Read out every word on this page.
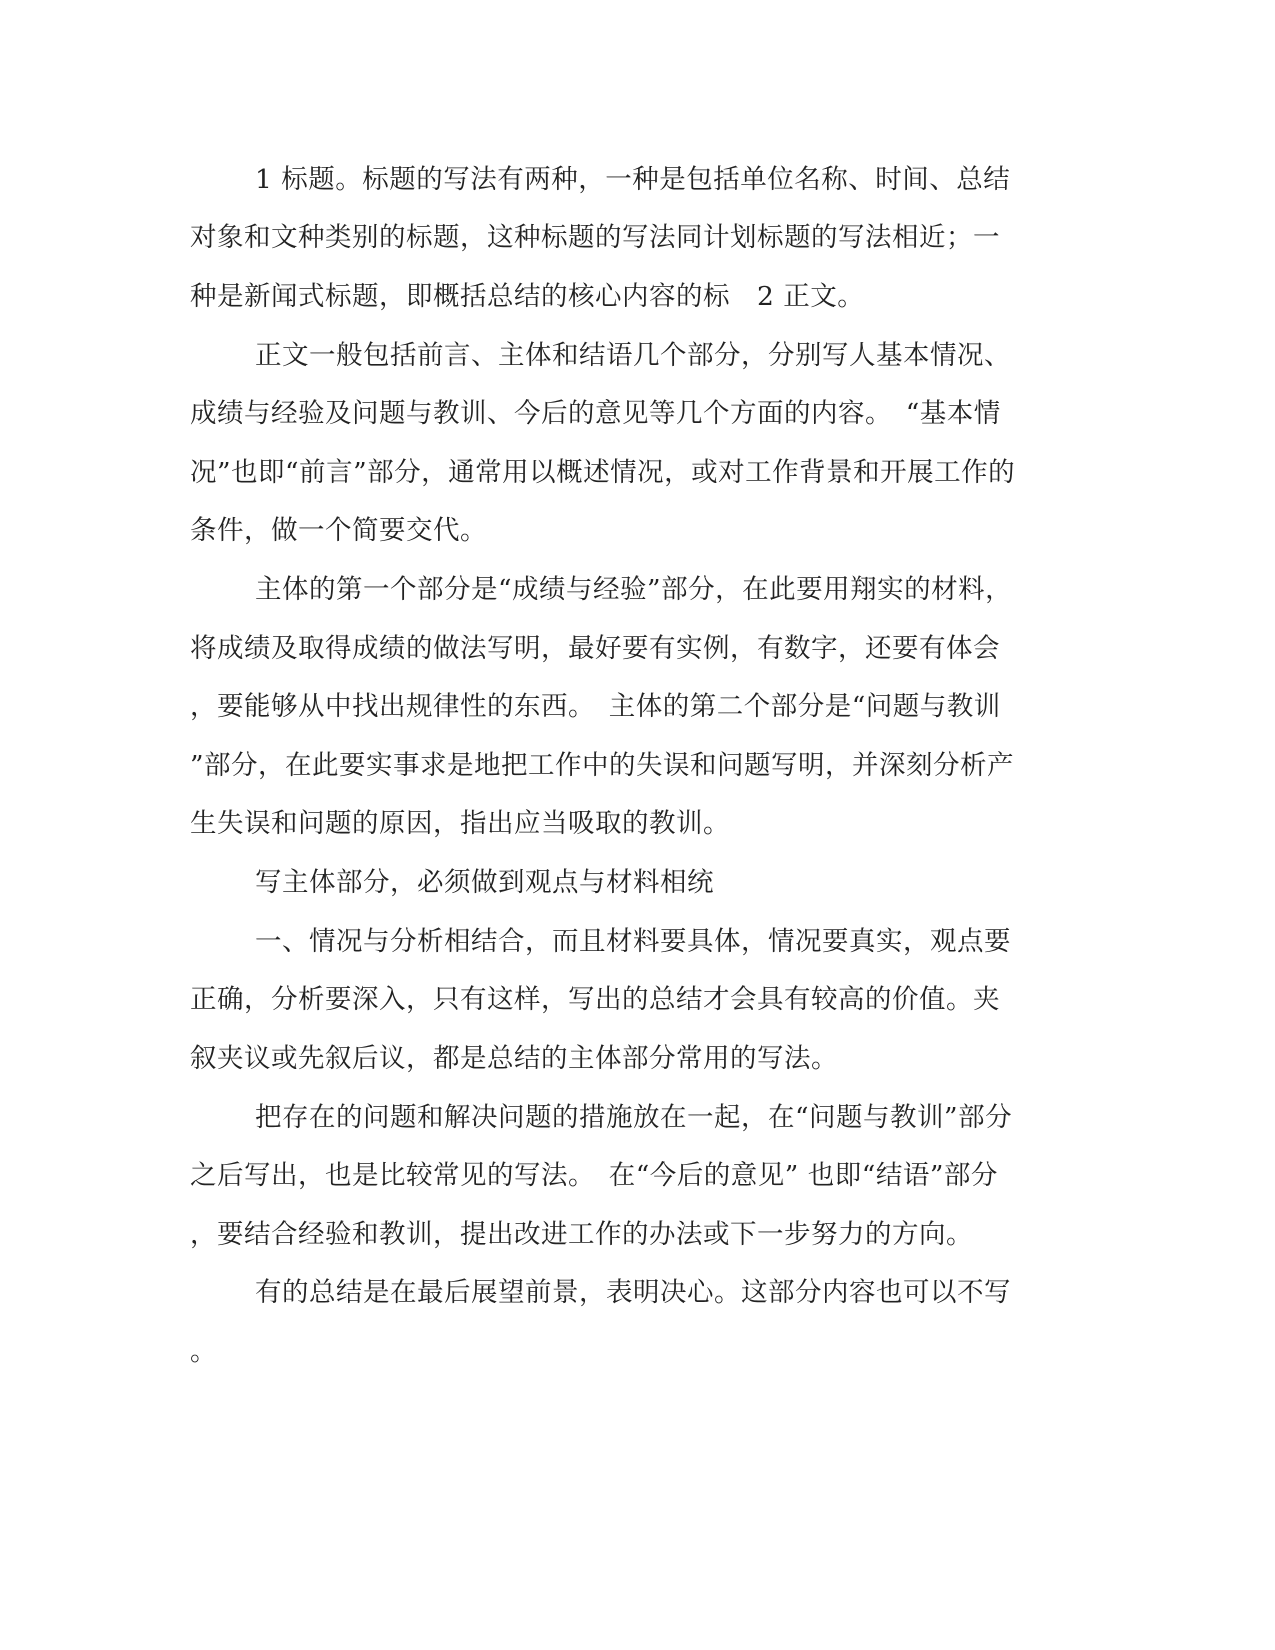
1 标题。标题的写法有两种，一种是包括单位名称、时间、总结

对象和文种类别的标题，这种标题的写法同计划标题的写法相近；一

种是新闻式标题，即概括总结的核心内容的标　2 正文。

正文一般包括前言、主体和结语几个部分，分别写人基本情况、

成绩与经验及问题与教训、今后的意见等几个方面的内容。　“基本情

况”也即“前言”部分，通常用以概述情况，或对工作背景和开展工作的

条件，做一个简要交代。

主体的第一个部分是“成绩与经验”部分，在此要用翔实的材料，

将成绩及取得成绩的做法写明，最好要有实例，有数字，还要有体会

，要能够从中找出规律性的东西。　主体的第二个部分是“问题与教训

”部分，在此要实事求是地把工作中的失误和问题写明，并深刻分析产

生失误和问题的原因，指出应当吸取的教训。

写主体部分，必须做到观点与材料相统

一、情况与分析相结合，而且材料要具体，情况要真实，观点要

正确，分析要深入，只有这样，写出的总结才会具有较高的价值。夹

叙夹议或先叙后议，都是总结的主体部分常用的写法。

把存在的问题和解决问题的措施放在一起，在“问题与教训”部分

之后写出，也是比较常见的写法。　在“今后的意见” 也即“结语”部分

，要结合经验和教训，提出改进工作的办法或下一步努力的方向。

有的总结是在最后展望前景，表明决心。这部分内容也可以不写

。
